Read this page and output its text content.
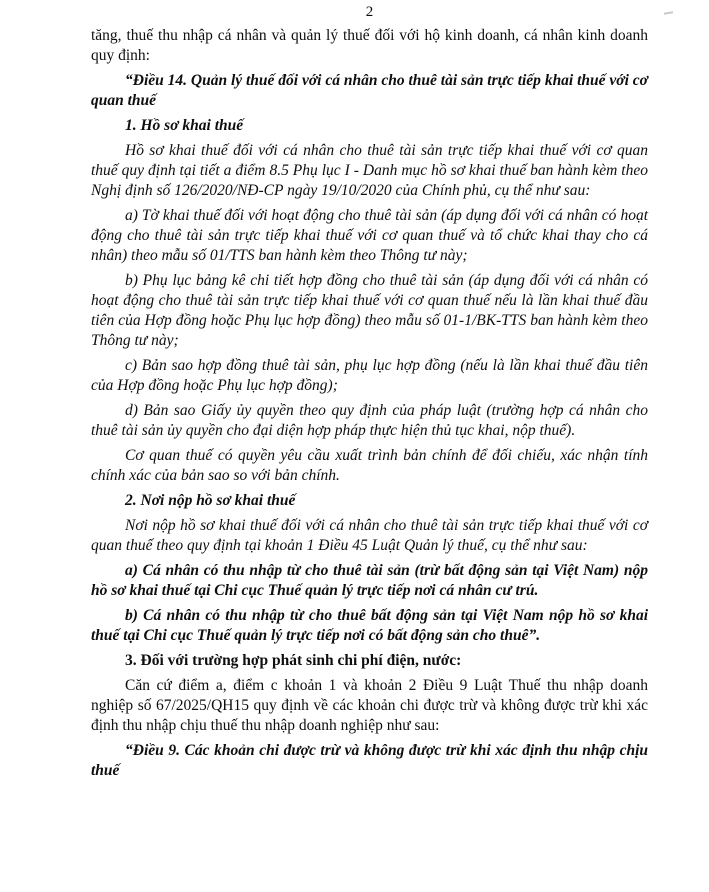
2

tăng, thuế thu nhập cá nhân và quản lý thuế đối với hộ kinh doanh, cá nhân kinh doanh quy định:

“Điều 14. Quản lý thuế đối với cá nhân cho thuê tài sản trực tiếp khai thuế với cơ quan thuế

1. Hồ sơ khai thuế

Hồ sơ khai thuế đối với cá nhân cho thuê tài sản trực tiếp khai thuế với cơ quan thuế quy định tại tiết a điểm 8.5 Phụ lục I - Danh mục hồ sơ khai thuế ban hành kèm theo Nghị định số 126/2020/NĐ-CP ngày 19/10/2020 của Chính phủ, cụ thể như sau:

a) Tờ khai thuế đối với hoạt động cho thuê tài sản (áp dụng đối với cá nhân có hoạt động cho thuê tài sản trực tiếp khai thuế với cơ quan thuế và tổ chức khai thay cho cá nhân) theo mẫu số 01/TTS ban hành kèm theo Thông tư này;

b) Phụ lục bảng kê chi tiết hợp đồng cho thuê tài sản (áp dụng đối với cá nhân có hoạt động cho thuê tài sản trực tiếp khai thuế với cơ quan thuế nếu là lần khai thuế đầu tiên của Hợp đồng hoặc Phụ lục hợp đồng) theo mẫu số 01-1/BK-TTS ban hành kèm theo Thông tư này;

c) Bản sao hợp đồng thuê tài sản, phụ lục hợp đồng (nếu là lần khai thuế đầu tiên của Hợp đồng hoặc Phụ lục hợp đồng);

d) Bản sao Giấy ủy quyền theo quy định của pháp luật (trường hợp cá nhân cho thuê tài sản ủy quyền cho đại diện hợp pháp thực hiện thủ tục khai, nộp thuế).

Cơ quan thuế có quyền yêu cầu xuất trình bản chính để đối chiếu, xác nhận tính chính xác của bản sao so với bản chính.

2. Nơi nộp hồ sơ khai thuế

Nơi nộp hồ sơ khai thuế đối với cá nhân cho thuê tài sản trực tiếp khai thuế với cơ quan thuế theo quy định tại khoản 1 Điều 45 Luật Quản lý thuế, cụ thể như sau:

a) Cá nhân có thu nhập từ cho thuê tài sản (trừ bất động sản tại Việt Nam) nộp hồ sơ khai thuế tại Chi cục Thuế quản lý trực tiếp nơi cá nhân cư trú.

b) Cá nhân có thu nhập từ cho thuê bất động sản tại Việt Nam nộp hồ sơ khai thuế tại Chi cục Thuế quản lý trực tiếp nơi có bất động sản cho thuê”.

3. Đối với trường hợp phát sinh chi phí điện, nước:

Căn cứ điểm a, điểm c khoản 1 và khoản 2 Điều 9 Luật Thuế thu nhập doanh nghiệp số 67/2025/QH15 quy định về các khoản chi được trừ và không được trừ khi xác định thu nhập chịu thuế thu nhập doanh nghiệp như sau:

“Điều 9. Các khoản chi được trừ và không được trừ khi xác định thu nhập chịu thuế
